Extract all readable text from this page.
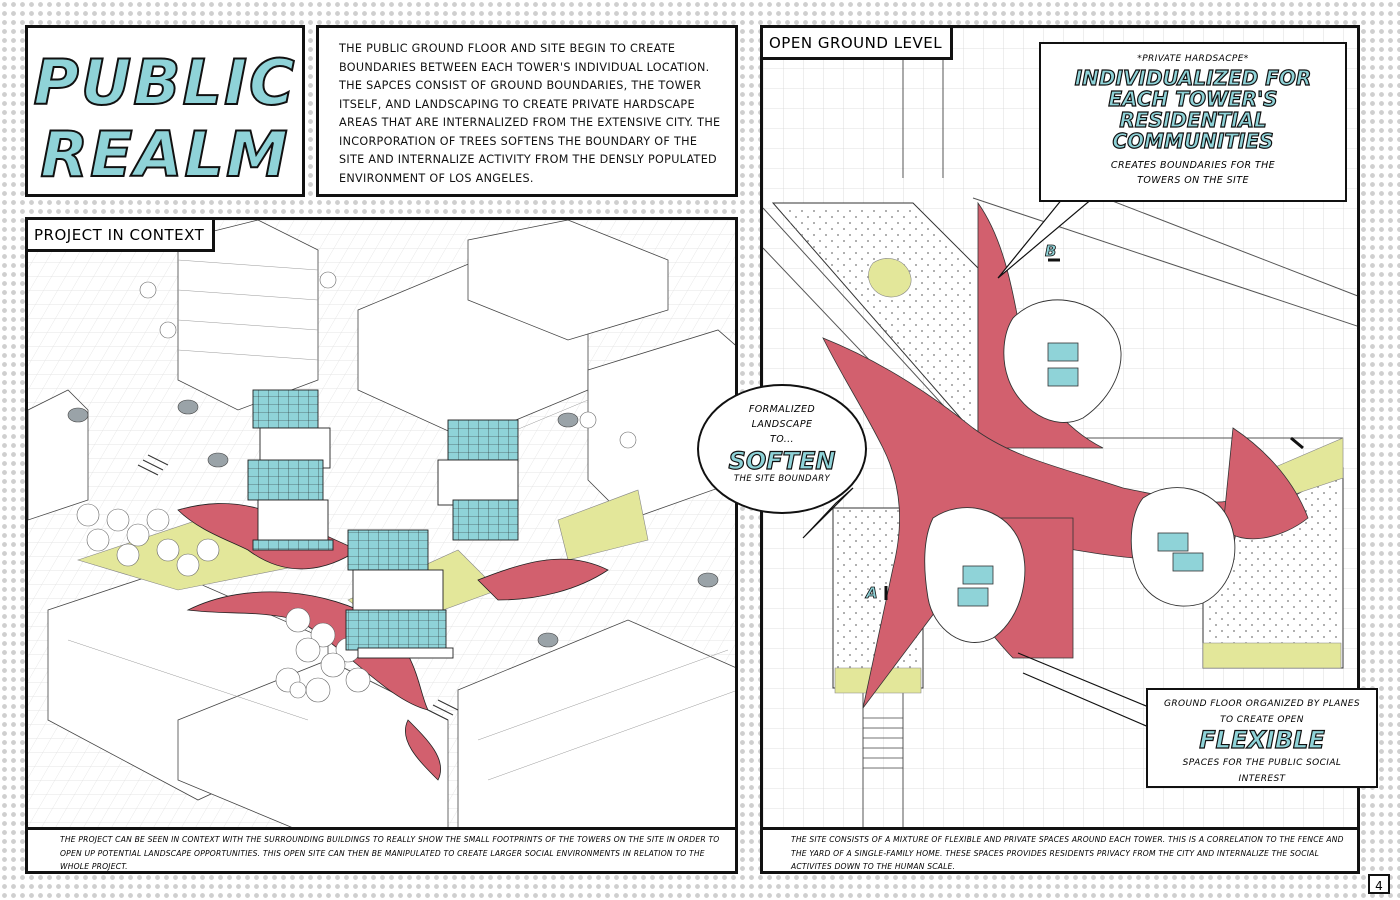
PUBLIC
REALM
THE PUBLIC GROUND FLOOR AND SITE BEGIN TO CREATE BOUNDARIES BETWEEN EACH TOWER'S INDIVIDUAL LOCATION. THE SAPCES CONSIST OF GROUND BOUNDARIES, THE TOWER ITSELF, AND LANDSCAPING TO CREATE PRIVATE HARDSCAPE AREAS THAT ARE INTERNALIZED FROM THE EXTENSIVE CITY. THE INCORPORATION OF TREES SOFTENS THE BOUNDARY OF THE SITE AND INTERNALIZE ACTIVITY FROM THE DENSLY POPULATED ENVIRONMENT OF LOS ANGELES.
PROJECT IN CONTEXT
THE PROJECT CAN BE SEEN IN CONTEXT WITH THE SURROUNDING BUILDINGS TO REALLY SHOW THE SMALL FOOTPRINTS OF THE TOWERS ON THE SITE IN ORDER TO OPEN UP POTENTIAL LANDSCAPE OPPORTUNITIES. THIS OPEN SITE CAN THEN BE MANIPULATED TO CREATE LARGER SOCIAL ENVIRONMENTS IN RELATION TO THE WHOLE PROJECT.
A
B
OPEN GROUND LEVEL
*PRIVATE HARDSACPE*
INDIVIDUALIZED FOR EACH TOWER'S RESIDENTIAL COMMUNITIES
CREATES BOUNDARIES FOR THE TOWERS ON THE SITE
THE SITE CONSISTS OF A MIXTURE OF FLEXIBLE AND PRIVATE SPACES AROUND EACH TOWER. THIS IS A CORRELATION TO THE FENCE AND THE YARD OF A SINGLE-FAMILY HOME. THESE SPACES PROVIDES RESIDENTS PRIVACY FROM THE CITY AND INTERNALIZE THE SOCIAL ACTIVITES DOWN TO THE HUMAN SCALE.
FORMALIZED
LANDSCAPE
TO...
SOFTEN
THE SITE BOUNDARY
GROUND FLOOR ORGANIZED BY PLANES TO CREATE OPEN
FLEXIBLE
SPACES FOR THE PUBLIC SOCIAL INTEREST
4
